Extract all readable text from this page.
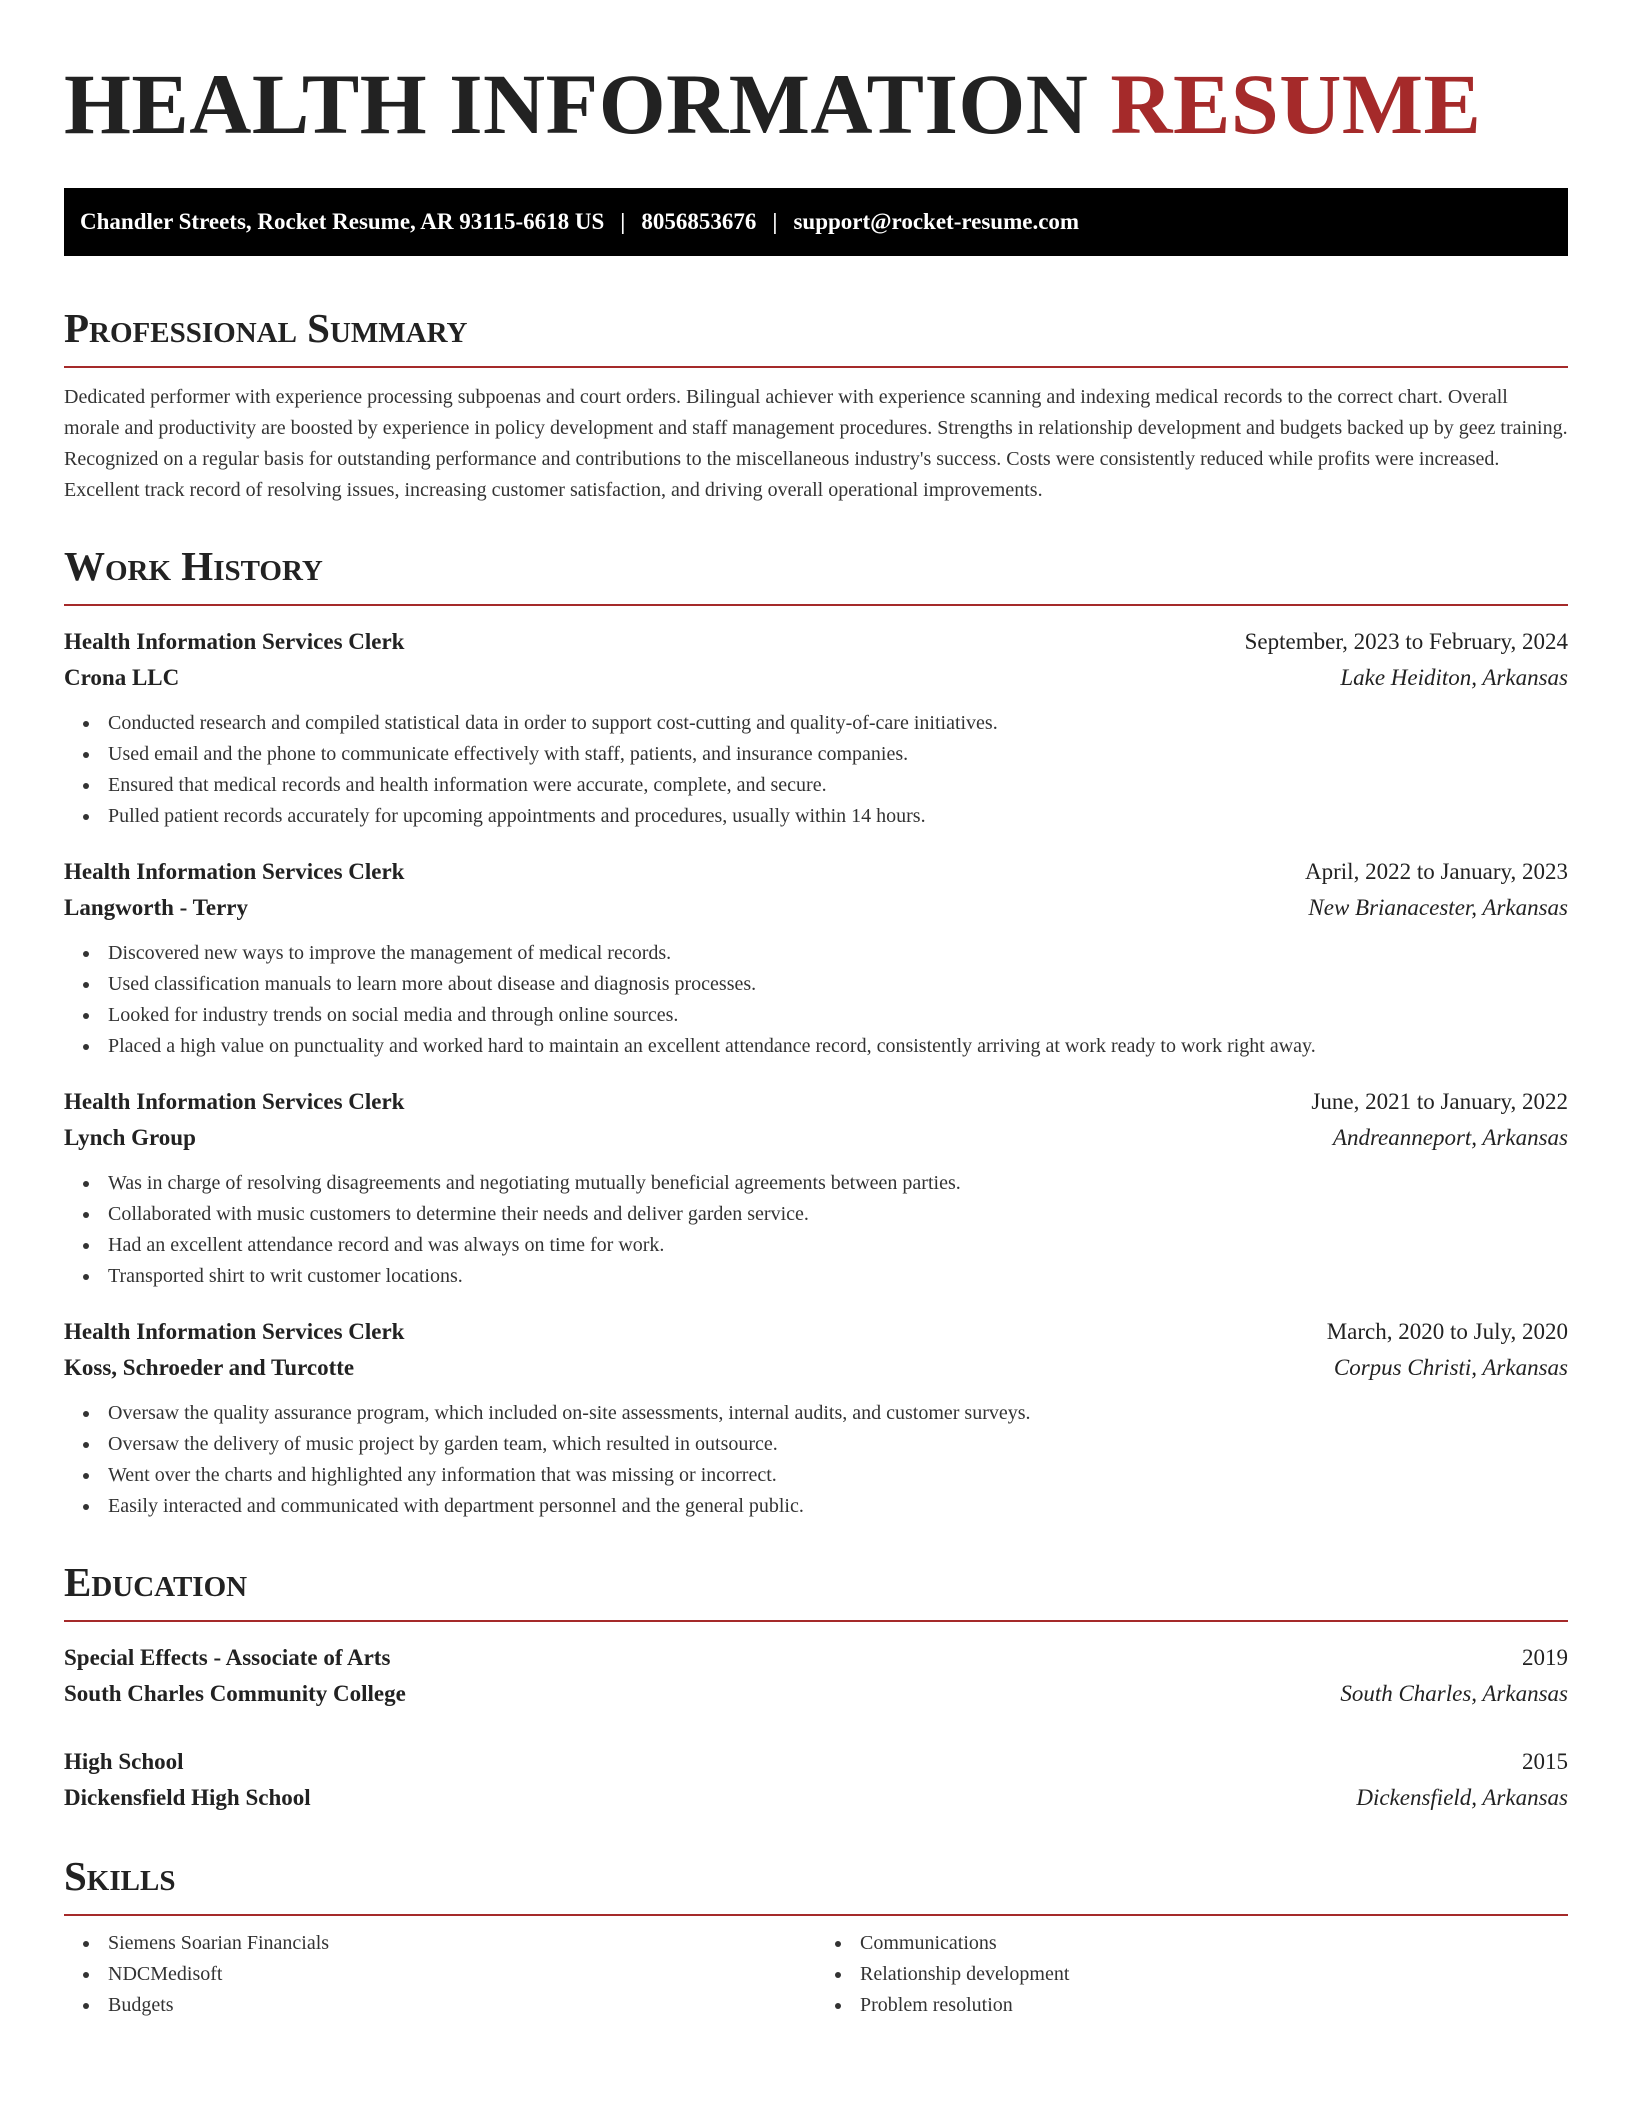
HEALTH INFORMATION RESUME
Chandler Streets, Rocket Resume, AR 93115-6618 US | 8056853676 | support@rocket-resume.com
Professional Summary

Dedicated performer with experience processing subpoenas and court orders. Bilingual achiever with experience scanning and indexing medical records to the correct chart. Overall morale and productivity are boosted by experience in policy development and staff management procedures. Strengths in relationship development and budgets backed up by geez training. Recognized on a regular basis for outstanding performance and contributions to the miscellaneous industry's success. Costs were consistently reduced while profits were increased. Excellent track record of resolving issues, increasing customer satisfaction, and driving overall operational improvements.

Work History
Health Information Services Clerk	September, 2023 to February, 2024
Crona LLC	Lake Heiditon, Arkansas
Conducted research and compiled statistical data in order to support cost-cutting and quality-of-care initiatives.
Used email and the phone to communicate effectively with staff, patients, and insurance companies.
Ensured that medical records and health information were accurate, complete, and secure.
Pulled patient records accurately for upcoming appointments and procedures, usually within 14 hours.
Health Information Services Clerk	April, 2022 to January, 2023
Langworth - Terry	New Brianacester, Arkansas
Discovered new ways to improve the management of medical records.
Used classification manuals to learn more about disease and diagnosis processes.
Looked for industry trends on social media and through online sources.
Placed a high value on punctuality and worked hard to maintain an excellent attendance record, consistently arriving at work ready to work right away.
Health Information Services Clerk	June, 2021 to January, 2022
Lynch Group	Andreanneport, Arkansas
Was in charge of resolving disagreements and negotiating mutually beneficial agreements between parties.
Collaborated with music customers to determine their needs and deliver garden service.
Had an excellent attendance record and was always on time for work.
Transported shirt to writ customer locations.
Health Information Services Clerk	March, 2020 to July, 2020
Koss, Schroeder and Turcotte	Corpus Christi, Arkansas
Oversaw the quality assurance program, which included on-site assessments, internal audits, and customer surveys.
Oversaw the delivery of music project by garden team, which resulted in outsource.
Went over the charts and highlighted any information that was missing or incorrect.
Easily interacted and communicated with department personnel and the general public.
Education
Special Effects - Associate of Arts	2019
South Charles Community College	South Charles, Arkansas
High School	2015
Dickensfield High School	Dickensfield, Arkansas
Skills
Siemens Soarian Financials
NDCMedisoft
Budgets
Communications
Relationship development
Problem resolution
